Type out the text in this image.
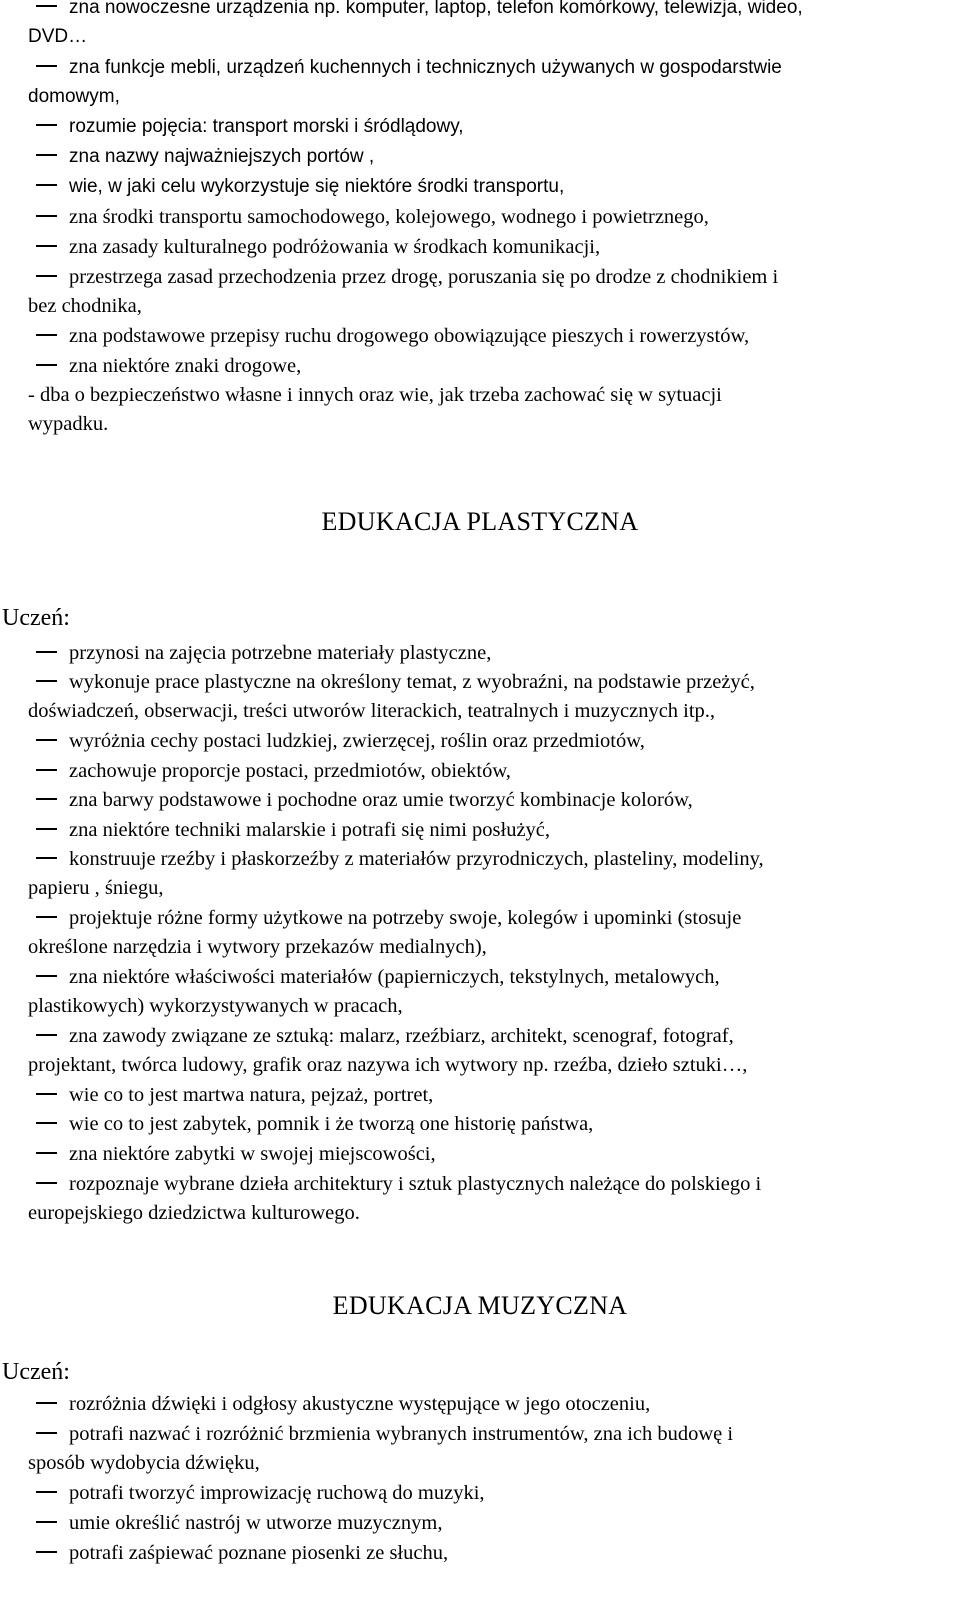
zna nowoczesne urządzenia np. komputer, laptop, telefon komórkowy, telewizja, wideo,
DVD…
zna funkcje mebli, urządzeń kuchennych i technicznych używanych w gospodarstwie
domowym,
rozumie pojęcia: transport morski i śródlądowy,
zna nazwy najważniejszych portów ,
wie, w jaki celu wykorzystuje się niektóre środki transportu,
zna środki transportu samochodowego, kolejowego, wodnego i powietrznego,
zna zasady kulturalnego podróżowania w środkach komunikacji,
przestrzega zasad przechodzenia przez drogę, poruszania się po drodze z chodnikiem i
bez chodnika,
zna podstawowe przepisy ruchu drogowego obowiązujące pieszych i rowerzystów,
zna niektóre znaki drogowe,
- dba o bezpieczeństwo własne i innych oraz wie, jak trzeba zachować się w sytuacji
wypadku.
EDUKACJA PLASTYCZNA
Uczeń:
przynosi na zajęcia potrzebne materiały plastyczne,
wykonuje prace plastyczne na określony temat, z wyobraźni, na podstawie przeżyć,
doświadczeń, obserwacji, treści utworów literackich, teatralnych i muzycznych itp.,
wyróżnia cechy postaci ludzkiej, zwierzęcej, roślin oraz przedmiotów,
zachowuje proporcje postaci, przedmiotów, obiektów,
zna barwy podstawowe i pochodne oraz umie tworzyć kombinacje kolorów,
zna niektóre techniki malarskie i potrafi się nimi posłużyć,
konstruuje rzeźby i płaskorzeźby z materiałów przyrodniczych, plasteliny, modeliny,
papieru , śniegu,
projektuje różne formy użytkowe na potrzeby swoje, kolegów i upominki (stosuje
określone narzędzia i wytwory przekazów medialnych),
zna niektóre właściwości materiałów (papierniczych, tekstylnych, metalowych,
plastikowych) wykorzystywanych w pracach,
zna zawody związane ze sztuką: malarz, rzeźbiarz, architekt, scenograf, fotograf,
projektant, twórca ludowy, grafik oraz nazywa ich wytwory np. rzeźba, dzieło sztuki…,
wie co to jest martwa natura, pejzaż, portret,
wie co to jest zabytek, pomnik i że tworzą one historię państwa,
zna niektóre zabytki w swojej miejscowości,
rozpoznaje wybrane dzieła architektury i sztuk plastycznych należące do polskiego i
europejskiego dziedzictwa kulturowego.
EDUKACJA MUZYCZNA
Uczeń:
rozróżnia dźwięki i odgłosy akustyczne występujące w jego otoczeniu,
potrafi nazwać i rozróżnić brzmienia wybranych instrumentów, zna ich budowę i
sposób wydobycia dźwięku,
potrafi tworzyć improwizację ruchową do muzyki,
umie określić nastrój w utworze muzycznym,
potrafi zaśpiewać poznane piosenki ze słuchu,
